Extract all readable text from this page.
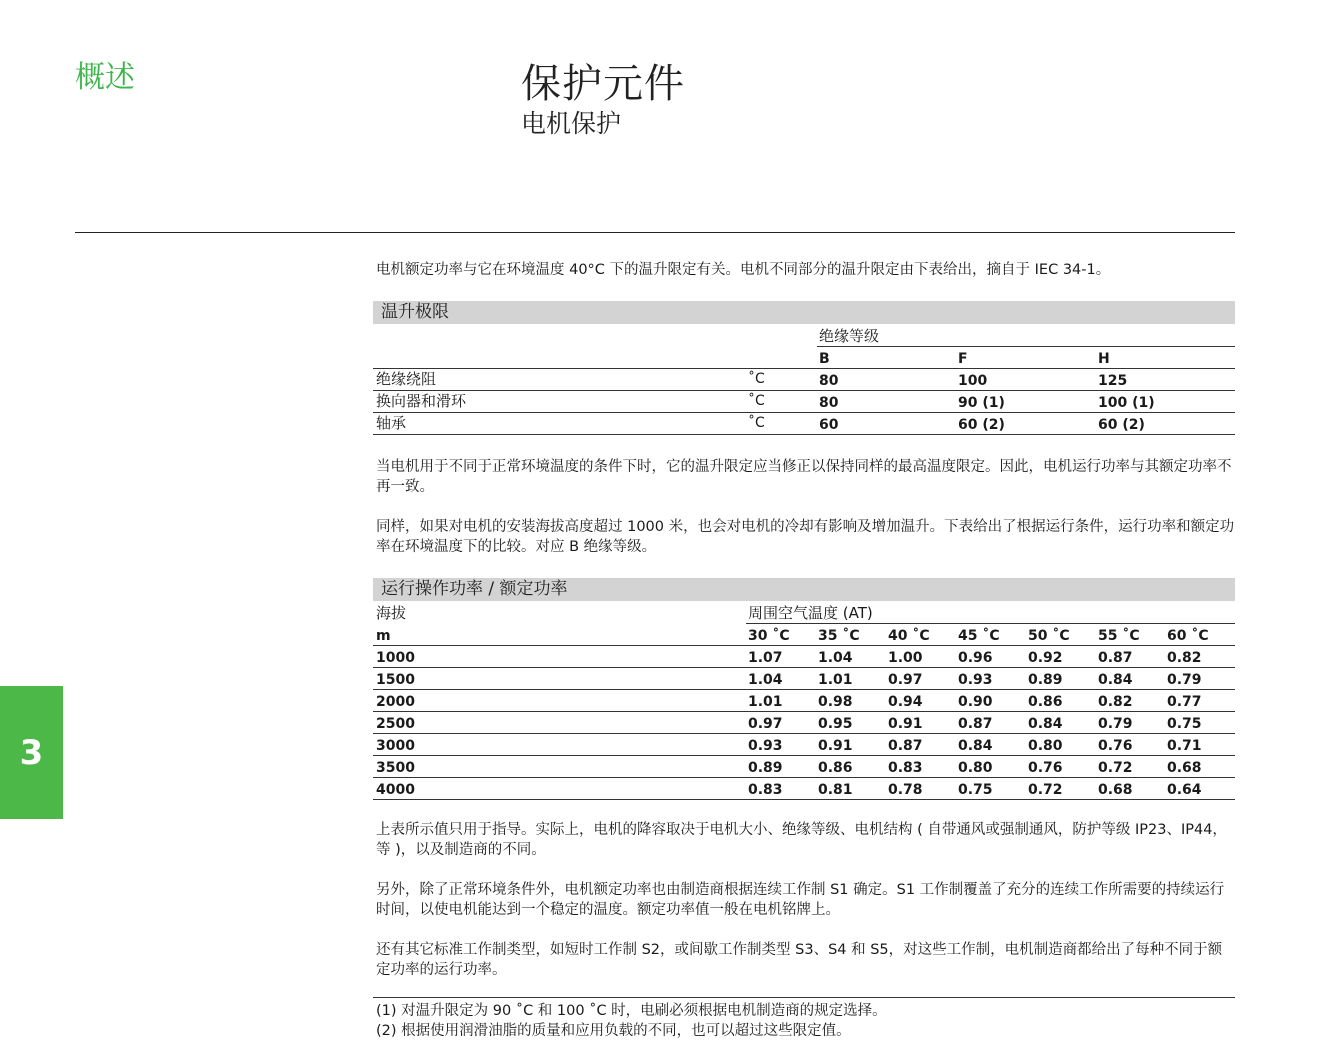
概述	保护元件
电机保护
3
电机额定功率与它在环境温度 40°C 下的温升限定有关。电机不同部分的温升限定由下表给出，摘自于 IEC 34-1。
温升极限
绝缘等级
B	F	H
绝缘绕阻	˚C	80	100	125
换向器和滑环	˚C	80	90 (1)	100 (1)
轴承	˚C	60	60 (2)	60 (2)
当电机用于不同于正常环境温度的条件下时，它的温升限定应当修正以保持同样的最高温度限定。因此，电机运行功率与其额定功率不再一致。
同样，如果对电机的安装海拔高度超过 1000 米，也会对电机的冷却有影响及增加温升。下表给出了根据运行条件，运行功率和额定功率在环境温度下的比较。对应 B 绝缘等级。
运行操作功率 / 额定功率
海拔	周围空气温度 (AT)
m	30 ˚C 35 ˚C 40 ˚C 45 ˚C 50 ˚C 55 ˚C 60 ˚C
1000	1.07	1.04	1.00	0.96	0.92	0.87 0.82
1500	1.04	1.01	0.97	0.93	0.89	0.84 0.79
2000	1.01	0.98	0.94	0.90	0.86	0.82 0.77
2500	0.97	0.95	0.91	0.87	0.84	0.79 0.75
3000	0.93	0.91	0.87	0.84	0.80	0.76 0.71
3500	0.89	0.86	0.83	0.80	0.76	0.72 0.68
4000	0.83	0.81	0.78	0.75	0.72	0.68 0.64
上表所示值只用于指导。实际上，电机的降容取决于电机大小、绝缘等级、电机结构 ( 自带通风或强制通风，防护等级 IP23、IP44，等 )，以及制造商的不同。
另外，除了正常环境条件外，电机额定功率也由制造商根据连续工作制 S1 确定。S1 工作制覆盖了充分的连续工作所需要的持续运行时间，以使电机能达到一个稳定的温度。额定功率值一般在电机铭牌上。
还有其它标准工作制类型，如短时工作制 S2，或间歇工作制类型 S3、S4 和 S5，对这些工作制，电机制造商都给出了每种不同于额定功率的运行功率。
(1) 对温升限定为 90 ˚C 和 100 ˚C 时，电刷必须根据电机制造商的规定选择。
(2) 根据使用润滑油脂的质量和应用负载的不同，也可以超过这些限定值。
